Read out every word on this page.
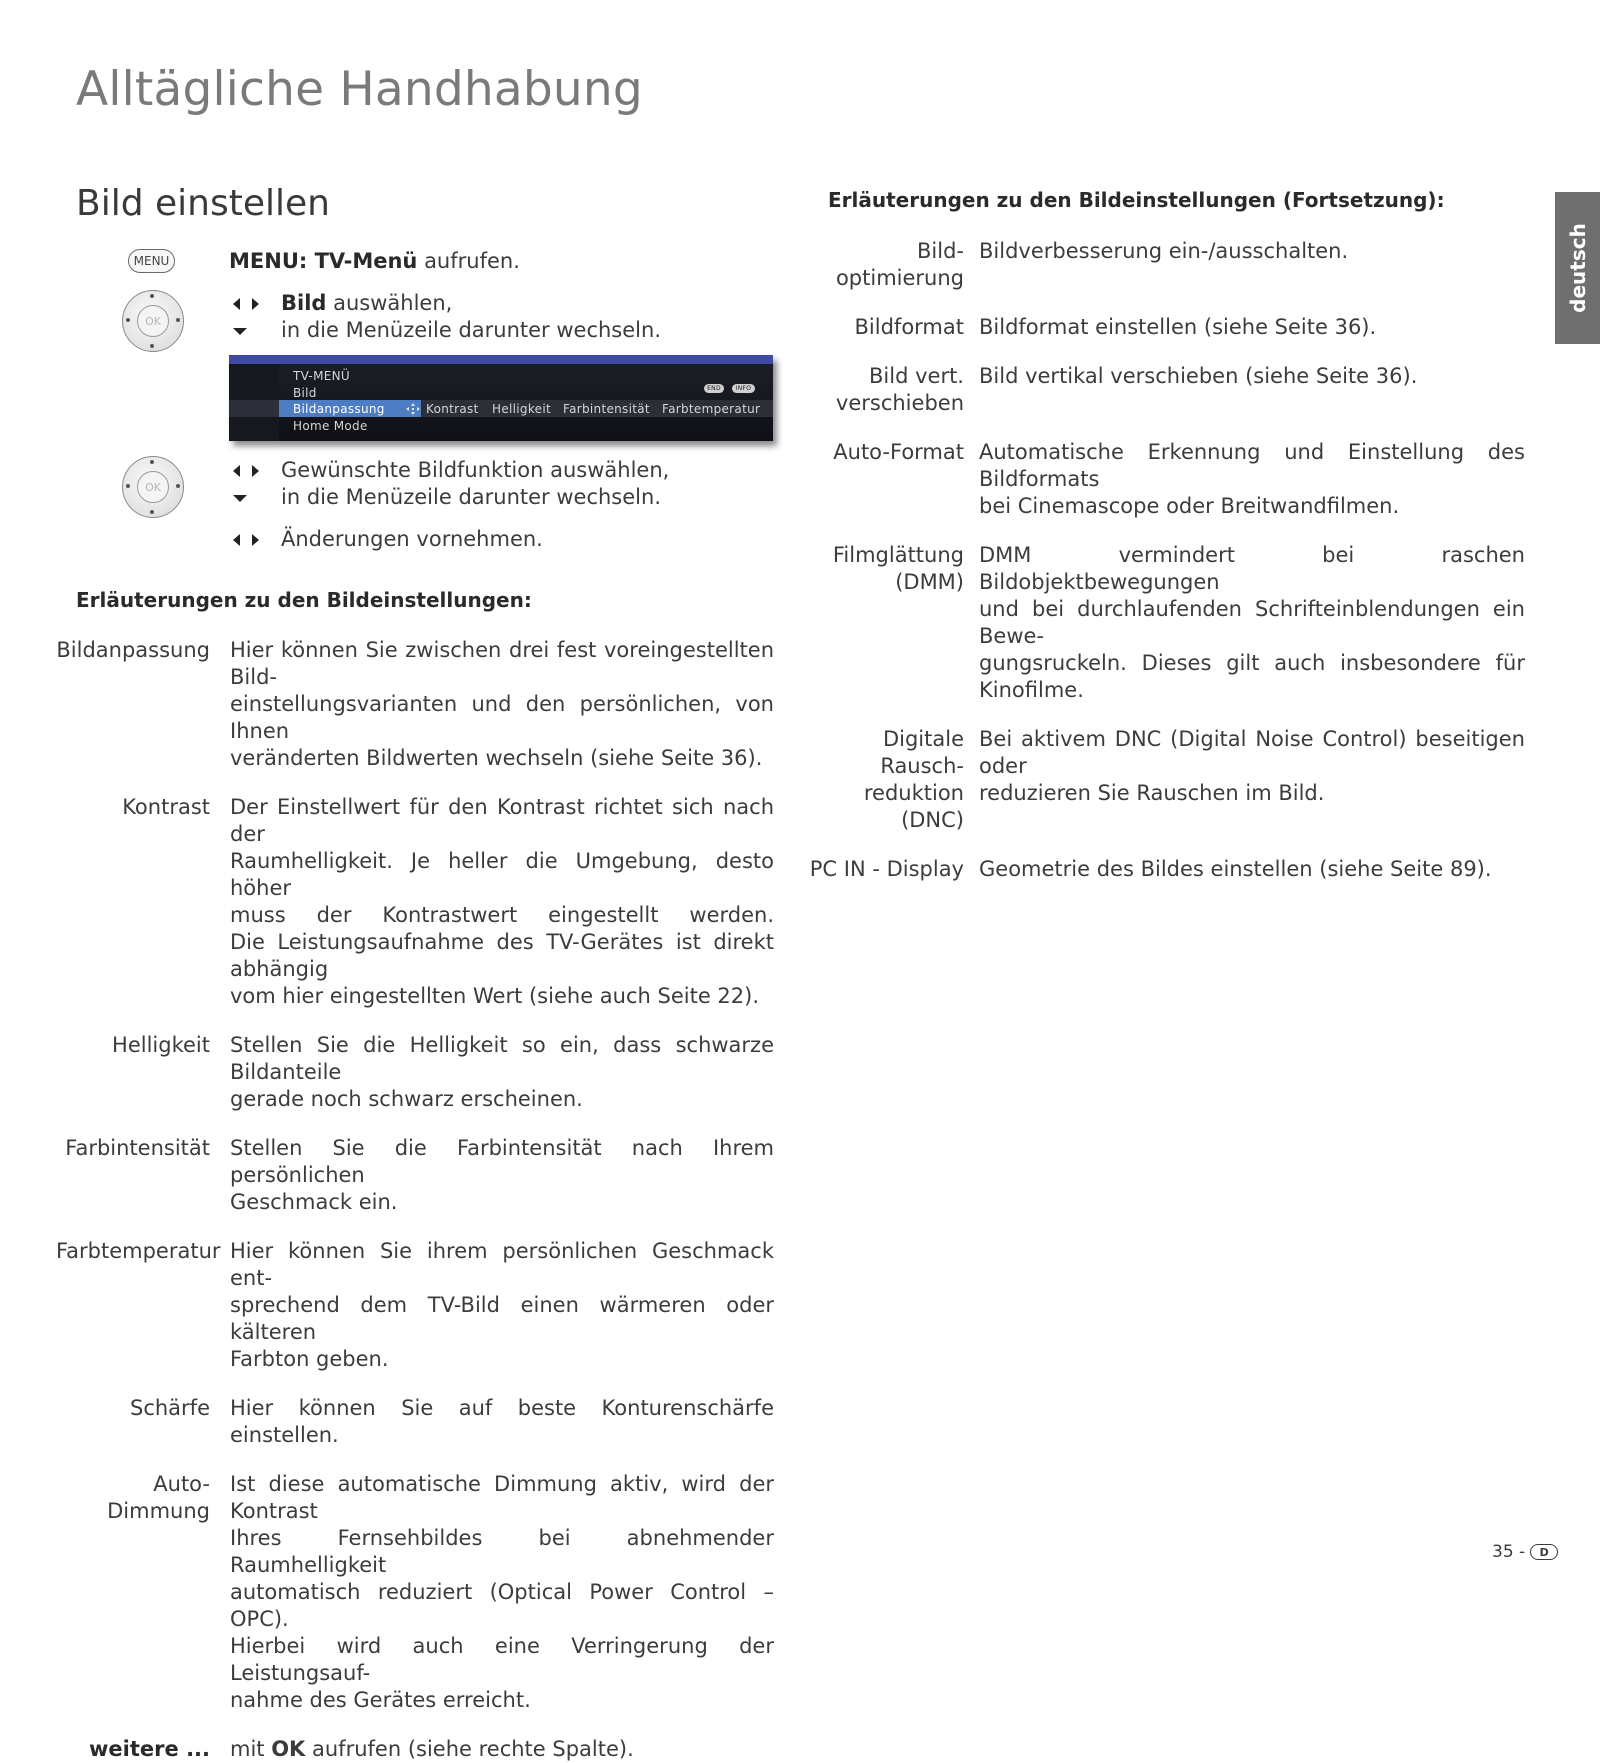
Alltägliche Handhabung
Bild einstellen
deutsch
MENU
OK
OK
MENU: TV-Menü aufrufen.
Bild auswählen,
in die Menüzeile darunter wechseln.
TV-MENÜ
Bild
Bildanpassung
Home Mode
Kontrast Helligkeit Farbintensität Farbtemperatur
END	INFO
Gewünschte Bildfunktion auswählen,
in die Menüzeile darunter wechseln.
Änderungen vornehmen.
Erläuterungen zu den Bildeinstellungen:
Bildanpassung Hier können Sie zwischen drei fest voreingestellten Bild-
einstellungsvarianten und den persönlichen, von Ihnen
veränderten Bildwerten wechseln (siehe Seite 36).
Kontrast Der Einstellwert für den Kontrast richtet sich nach der
Raumhelligkeit. Je heller die Umgebung, desto höher
muss der Kontrastwert eingestellt werden.
Die Leistungsaufnahme des TV-Gerätes ist direkt abhängig
vom hier eingestellten Wert (siehe auch Seite 22).
Helligkeit Stellen Sie die Helligkeit so ein, dass schwarze Bildanteile
gerade noch schwarz erscheinen.
Farbintensität Stellen Sie die Farbintensität nach Ihrem persönlichen
Geschmack ein.
Farbtemperatur Hier können Sie ihrem persönlichen Geschmack ent-
sprechend dem TV-Bild einen wärmeren oder kälteren
Farbton geben.
Schärfe Hier können Sie auf beste Konturenschärfe einstellen.
Auto-Dimmung
Ist diese automatische Dimmung aktiv, wird der Kontrast
Ihres Fernsehbildes bei abnehmender Raumhelligkeit
automatisch reduziert (Optical Power Control – OPC).
Hierbei wird auch eine Verringerung der Leistungsauf-
nahme des Gerätes erreicht.
weitere ... mit OK aufrufen (siehe rechte Spalte).
Erläuterungen zu den Bildeinstellungen (Fortsetzung):
Bild-
optimierung
Bildverbesserung ein-/ausschalten.
Bildformat Bildformat einstellen (siehe Seite 36).
Bild vert.
verschieben
Bild vertikal verschieben (siehe Seite 36).
Auto-Format Automatische Erkennung und Einstellung des Bildformats
bei Cinemascope oder Breitwandfilmen.
Filmglättung
(DMM)
DMM vermindert bei raschen Bildobjektbewegungen
und bei durchlaufenden Schrifteinblendungen ein Bewe-
gungsruckeln. Dieses gilt auch insbesondere für Kinofilme.
Digitale Rausch-
reduktion (DNC)
Bei aktivem DNC (Digital Noise Control) beseitigen oder
reduzieren Sie Rauschen im Bild.
PC IN - Display Geometrie des Bildes einstellen (siehe Seite 89).
35 -	D
